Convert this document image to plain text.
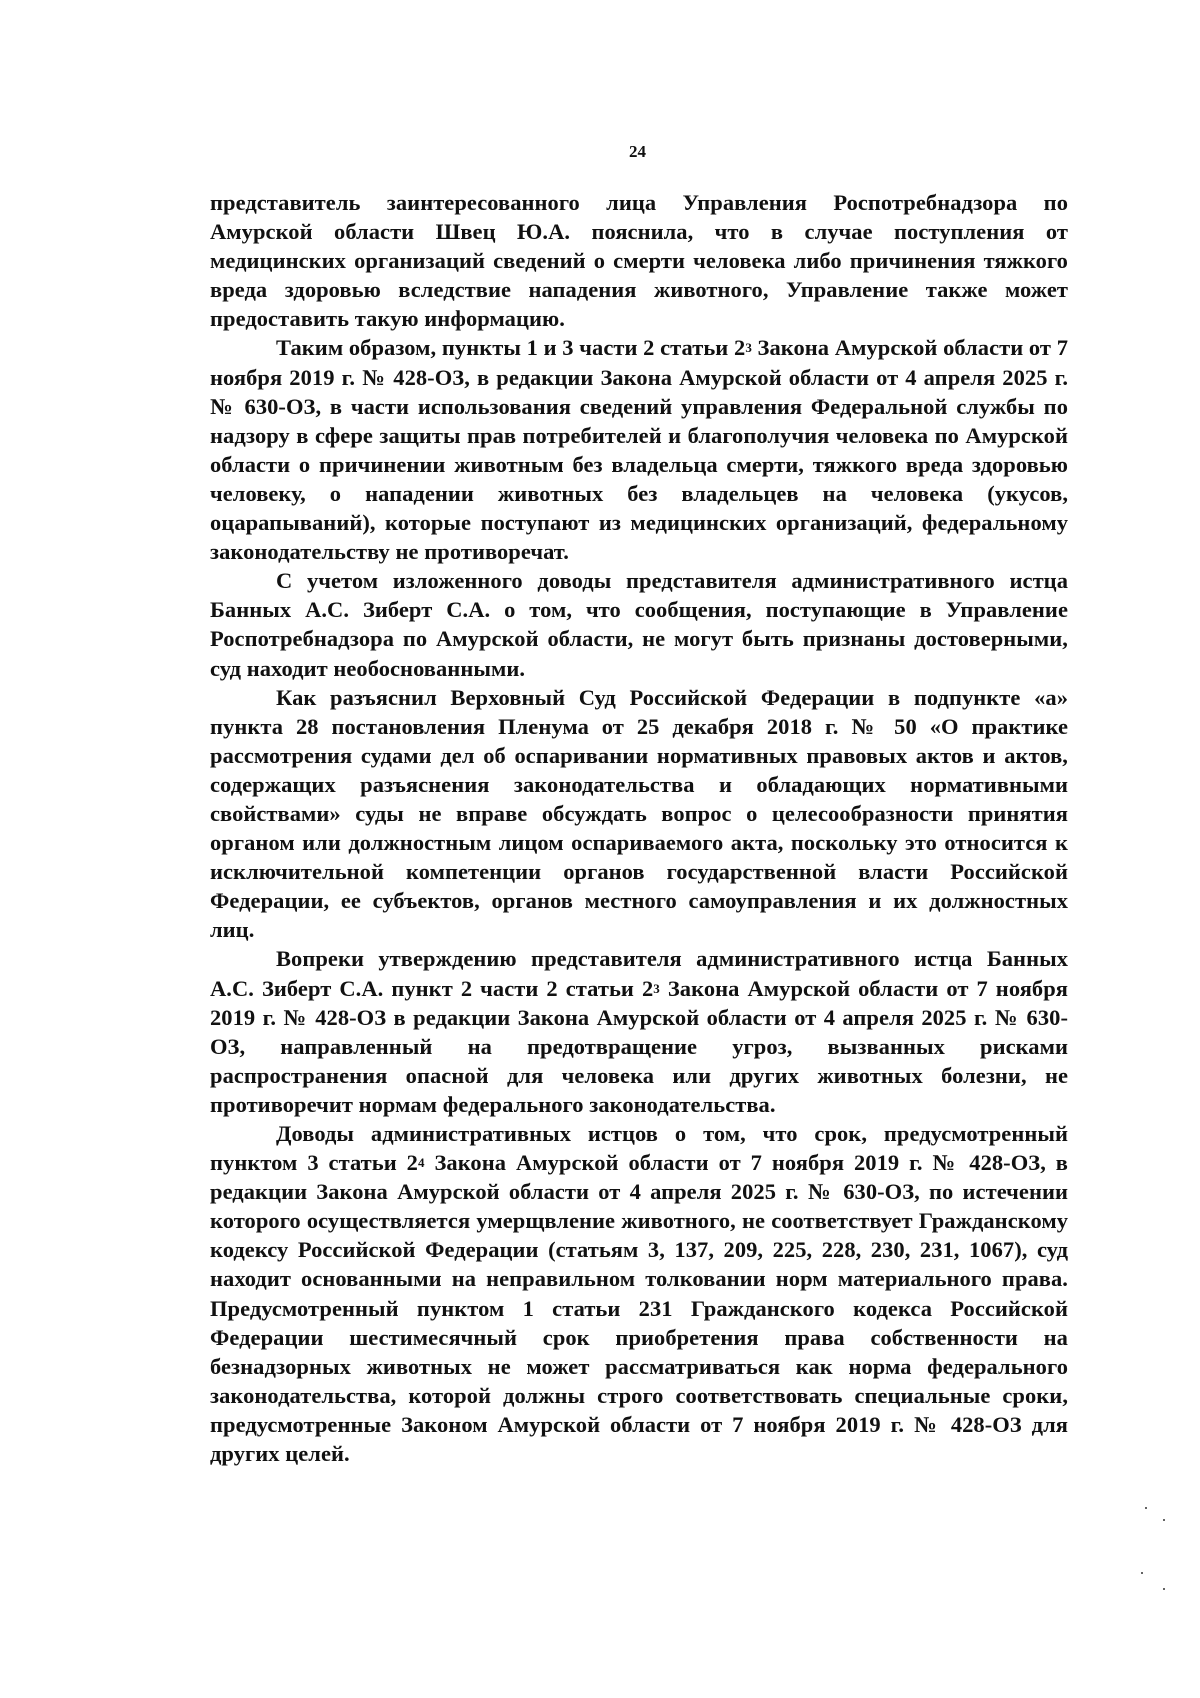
24

представитель заинтересованного лица Управления Роспотребнадзора по Амурской области Швец Ю.А. пояснила, что в случае поступления от медицинских организаций сведений о смерти человека либо причинения тяжкого вреда здоровью вследствие нападения животного, Управление также может предоставить такую информацию.

Таким образом, пункты 1 и 3 части 2 статьи $2^3$ Закона Амурской области от 7 ноября 2019 г. № 428-ОЗ, в редакции Закона Амурской области от 4 апреля 2025 г. № 630-ОЗ, в части использования сведений управления Федеральной службы по надзору в сфере защиты прав потребителей и благополучия человека по Амурской области о причинении животным без владельца смерти, тяжкого вреда здоровью человеку, о нападении животных без владельцев на человека (укусов, оцарапываний), которые поступают из медицинских организаций, федеральному законодательству не противоречат.

С учетом изложенного доводы представителя административного истца Банных А.С. Зиберт С.А. о том, что сообщения, поступающие в Управление Роспотребнадзора по Амурской области, не могут быть признаны достоверными, суд находит необоснованными.

Как разъяснил Верховный Суд Российской Федерации в подпункте «а» пункта 28 постановления Пленума от 25 декабря 2018 г. № 50 «О практике рассмотрения судами дел об оспаривании нормативных правовых актов и актов, содержащих разъяснения законодательства и обладающих нормативными свойствами» суды не вправе обсуждать вопрос о целесообразности принятия органом или должностным лицом оспариваемого акта, поскольку это относится к исключительной компетенции органов государственной власти Российской Федерации, ее субъектов, органов местного самоуправления и их должностных лиц.

Вопреки утверждению представителя административного истца Банных А.С. Зиберт С.А. пункт 2 части 2 статьи $2^3$ Закона Амурской области от 7 ноября 2019 г. № 428-ОЗ в редакции Закона Амурской области от 4 апреля 2025 г. № 630-ОЗ, направленный на предотвращение угроз, вызванных рисками распространения опасной для человека или других животных болезни, не противоречит нормам федерального законодательства.

Доводы административных истцов о том, что срок, предусмотренный пунктом 3 статьи $2^4$ Закона Амурской области от 7 ноября 2019 г. № 428-ОЗ, в редакции Закона Амурской области от 4 апреля 2025 г. № 630-ОЗ, по истечении которого осуществляется умерщвление животного, не соответствует Гражданскому кодексу Российской Федерации (статьям 3, 137, 209, 225, 228, 230, 231, 1067), суд находит основанными на неправильном толковании норм материального права. Предусмотренный пунктом 1 статьи 231 Гражданского кодекса Российской Федерации шестимесячный срок приобретения права собственности на безнадзорных животных не может рассматриваться как норма федерального законодательства, которой должны строго соответствовать специальные сроки, предусмотренные Законом Амурской области от 7 ноября 2019 г. № 428-ОЗ для других целей.
